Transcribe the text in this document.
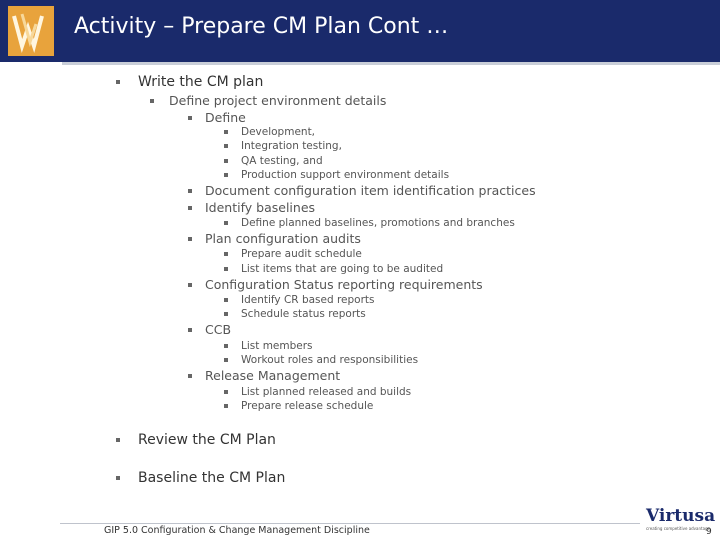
Activity – Prepare CM Plan Cont …
Write the CM plan
Define project environment details
Define
Development,
Integration testing,
QA testing, and
Production support environment details
Document configuration item identification practices
Identify baselines
Define planned baselines, promotions and branches
Plan configuration audits
Prepare audit schedule
List items that are going to be audited
Configuration Status reporting requirements
Identify CR based reports
Schedule status reports
CCB
List members
Workout roles and responsibilities
Release Management
List planned released and builds
Prepare release schedule
Review the CM Plan
Baseline the CM Plan
GIP 5.0 Configuration & Change Management Discipline
Virtusa
creating competitive advantage
9
